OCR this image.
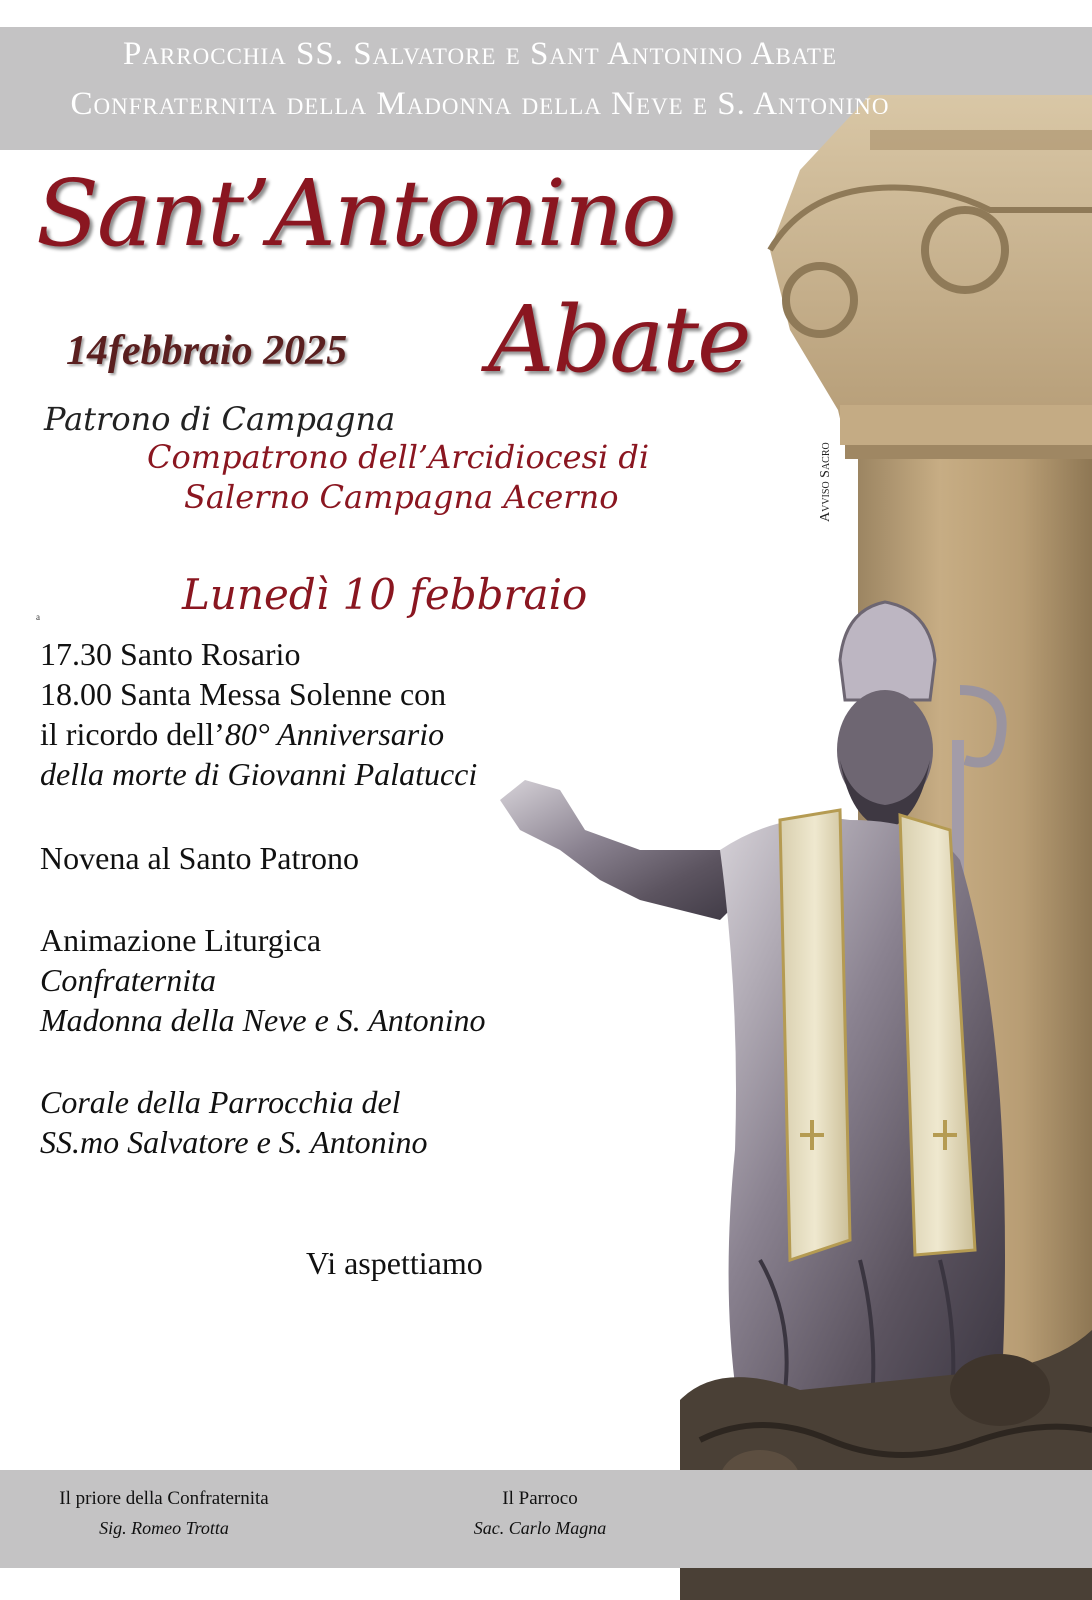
Parrocchia SS. Salvatore e Sant Antonino Abate
Confraternita della Madonna della Neve e S. Antonino
Sant’Antonino
14febbraio 2025 Abate
Patrono di Campagna
Compatrono dell’Arcidiocesi di
Salerno Campagna Acerno	Avviso Sacro
Lunedì 10 febbraio
a
17.30 Santo Rosario
18.00 Santa Messa Solenne con
il ricordo dell’80° Anniversario
della morte di Giovanni Palatucci
Novena al Santo Patrono
Animazione Liturgica
Confraternita
Madonna della Neve e S. Antonino
Corale della Parrocchia del
SS.mo Salvatore e S. Antonino
Vi aspettiamo
Il priore della Confraternita
Sig. Romeo Trotta
Il Parroco
Sac. Carlo Magna
